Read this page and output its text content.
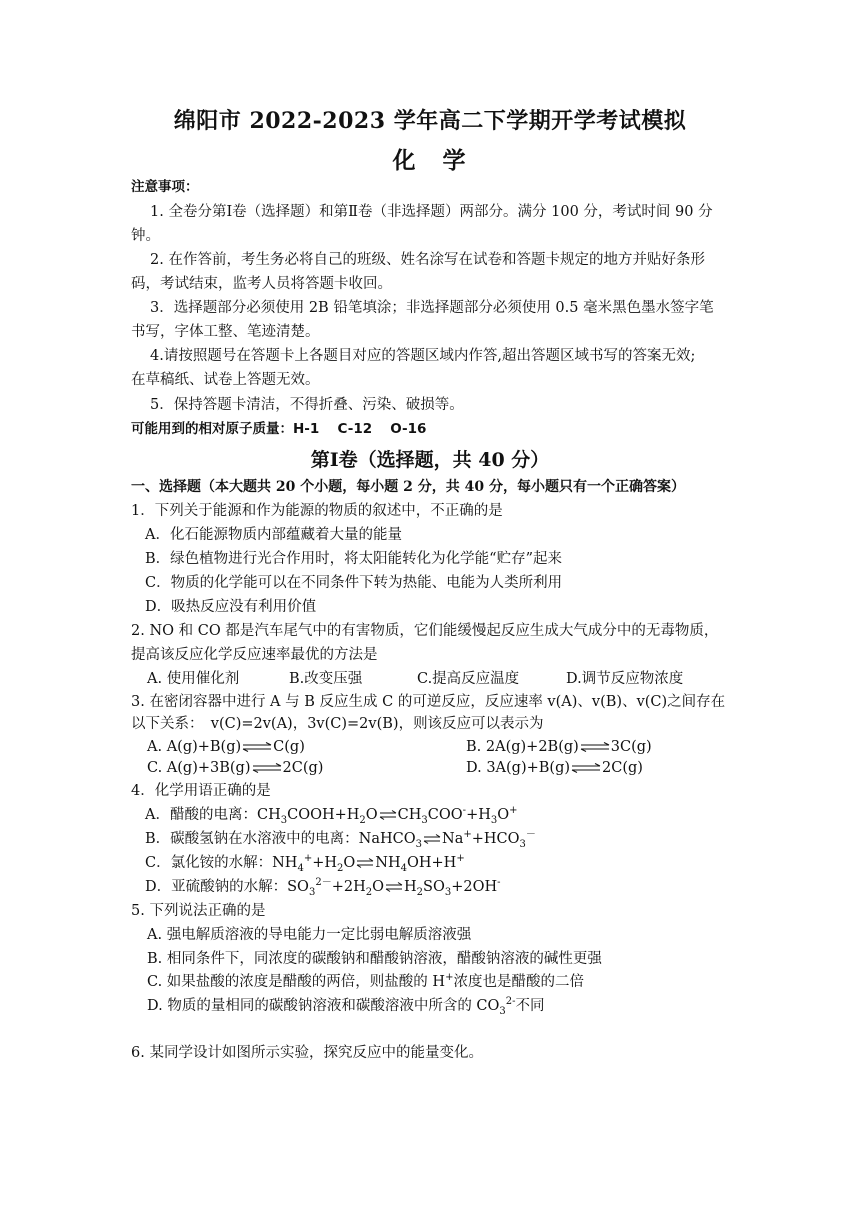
绵阳市 2022-2023 学年高二下学期开学考试模拟
化　学
注意事项：
1. 全卷分第Ⅰ卷（选择题）和第Ⅱ卷（非选择题）两部分。满分 100 分，考试时间 90 分
钟。
2. 在作答前，考生务必将自己的班级、姓名涂写在试卷和答题卡规定的地方并贴好条形
码，考试结束，监考人员将答题卡收回。
3．选择题部分必须使用 2B 铅笔填涂；非选择题部分必须使用 0.5 毫米黑色墨水签字笔
书写，字体工整、笔迹清楚。
4.请按照题号在答题卡上各题目对应的答题区域内作答,超出答题区域书写的答案无效;
在草稿纸、试卷上答题无效。
5．保持答题卡清洁，不得折叠、污染、破损等。
可能用到的相对原子质量：H-1　 C-12　 O-16
第Ⅰ卷（选择题，共 40 分）
一、选择题（本大题共 20 个小题，每小题 2 分，共 40 分，每小题只有一个正确答案）
1．下列关于能源和作为能源的物质的叙述中，不正确的是
A．化石能源物质内部蕴藏着大量的能量
B．绿色植物进行光合作用时，将太阳能转化为化学能“贮存”起来
C．物质的化学能可以在不同条件下转为热能、电能为人类所利用
D．吸热反应没有利用价值
2. NO 和 CO 都是汽车尾气中的有害物质，它们能缓慢起反应生成大气成分中的无毒物质，
提高该反应化学反应速率最优的方法是
A. 使用催化剂	B.改变压强	C.提高反应温度	D.调节反应物浓度
3. 在密闭容器中进行 A 与 B 反应生成 C 的可逆反应，反应速率 v(A)、v(B)、v(C)之间存在
以下关系：　v(C)=2v(A)，3v(C)=2v(B)，则该反应可以表示为
A. A(g)+B(g)⇌C(g)	B. 2A(g)+2B(g)⇌3C(g)
C. A(g)+3B(g)⇌2C(g)	D. 3A(g)+B(g)⇌2C(g)
4．化学用语正确的是
A．醋酸的电离：$CH_3COOH+H_2O\rightleftharpoons CH_3COO^-+H_3O^+$
B．碳酸氢钠在水溶液中的电离：$NaHCO_3\rightleftharpoons Na^++HCO_3^-$
C．氯化铵的水解：$NH_4^++H_2O\rightleftharpoons NH_4OH+H^+$
D．亚硫酸钠的水解：$SO_3^{2-}+2H_2O\rightleftharpoons H_2SO_3+2OH^-$
5. 下列说法正确的是
A. 强电解质溶液的导电能力一定比弱电解质溶液强
B. 相同条件下，同浓度的碳酸钠和醋酸钠溶液，醋酸钠溶液的碱性更强
C. 如果盐酸的浓度是醋酸的两倍，则盐酸的 H+浓度也是醋酸的二倍
D. 物质的量相同的碳酸钠溶液和碳酸溶液中所含的 $CO_3^{2-}$不同
6. 某同学设计如图所示实验，探究反应中的能量变化。
